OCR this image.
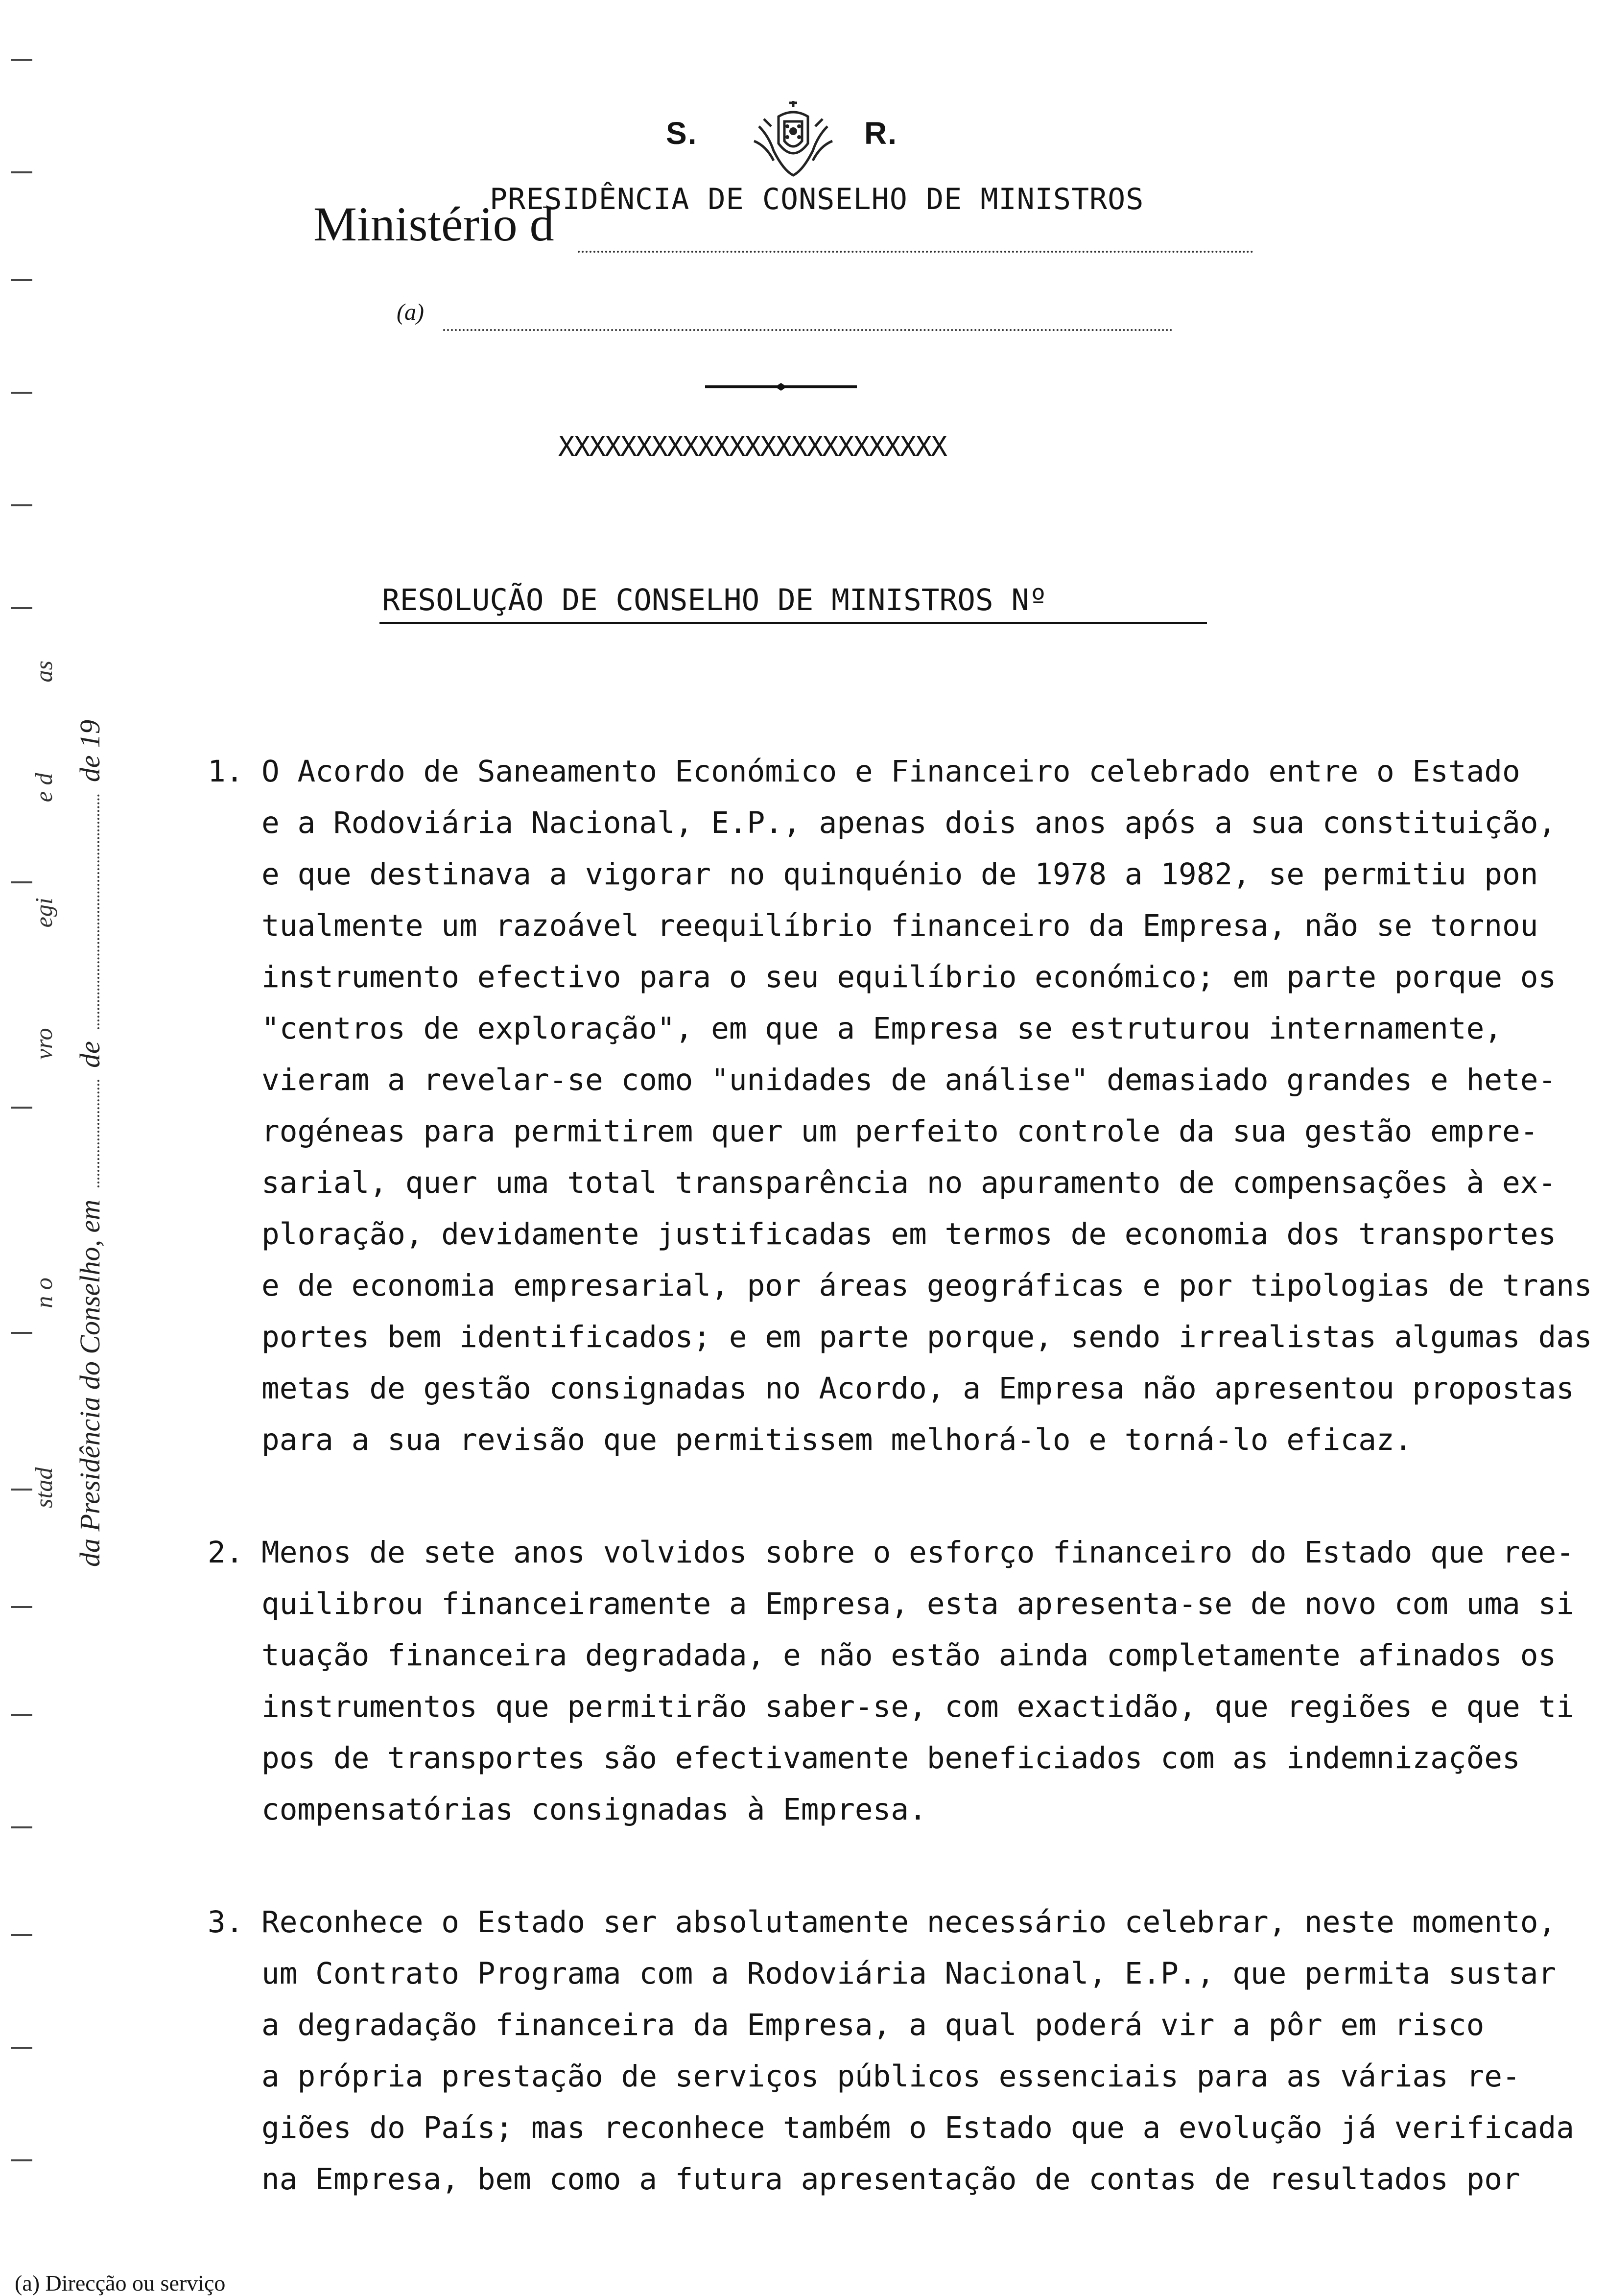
da Presidência do Conselho, em  de  de 19
stad  n o  vro  egi  e d  as
S.	R.
PRESIDÊNCIA DE CONSELHO DE MINISTROS
Ministério d
(a)
XXXXXXXXXXXXXXXXXXXXXXXXX
RESOLUÇÃO DE CONSELHO DE MINISTROS Nº
1. O Acordo de Saneamento Económico e Financeiro celebrado entre o Estado
e a Rodoviária Nacional, E.P., apenas dois anos após a sua constituição,
e que destinava a vigorar no quinquénio de 1978 a 1982, se permitiu pon
tualmente um razoável reequilíbrio financeiro da Empresa, não se tornou
instrumento efectivo para o seu equilíbrio económico; em parte porque os
"centros de exploração", em que a Empresa se estruturou internamente,
vieram a revelar-se como "unidades de análise" demasiado grandes e hete-
rogéneas para permitirem quer um perfeito controle da sua gestão empre-
sarial, quer uma total transparência no apuramento de compensações à ex-
ploração, devidamente justificadas em termos de economia dos transportes
e de economia empresarial, por áreas geográficas e por tipologias de trans
portes bem identificados; e em parte porque, sendo irrealistas algumas das
metas de gestão consignadas no Acordo, a Empresa não apresentou propostas
para a sua revisão que permitissem melhorá-lo e torná-lo eficaz.
2. Menos de sete anos volvidos sobre o esforço financeiro do Estado que ree-
quilibrou financeiramente a Empresa, esta apresenta-se de novo com uma si
tuação financeira degradada, e não estão ainda completamente afinados os
instrumentos que permitirão saber-se, com exactidão, que regiões e que ti
pos de transportes são efectivamente beneficiados com as indemnizações
compensatórias consignadas à Empresa.
3. Reconhece o Estado ser absolutamente necessário celebrar, neste momento,
um Contrato Programa com a Rodoviária Nacional, E.P., que permita sustar
a degradação financeira da Empresa, a qual poderá vir a pôr em risco
a própria prestação de serviços públicos essenciais para as várias re-
giões do País; mas reconhece também o Estado que a evolução já verificada
na Empresa, bem como a futura apresentação de contas de resultados por
(a) Direcção ou serviço
